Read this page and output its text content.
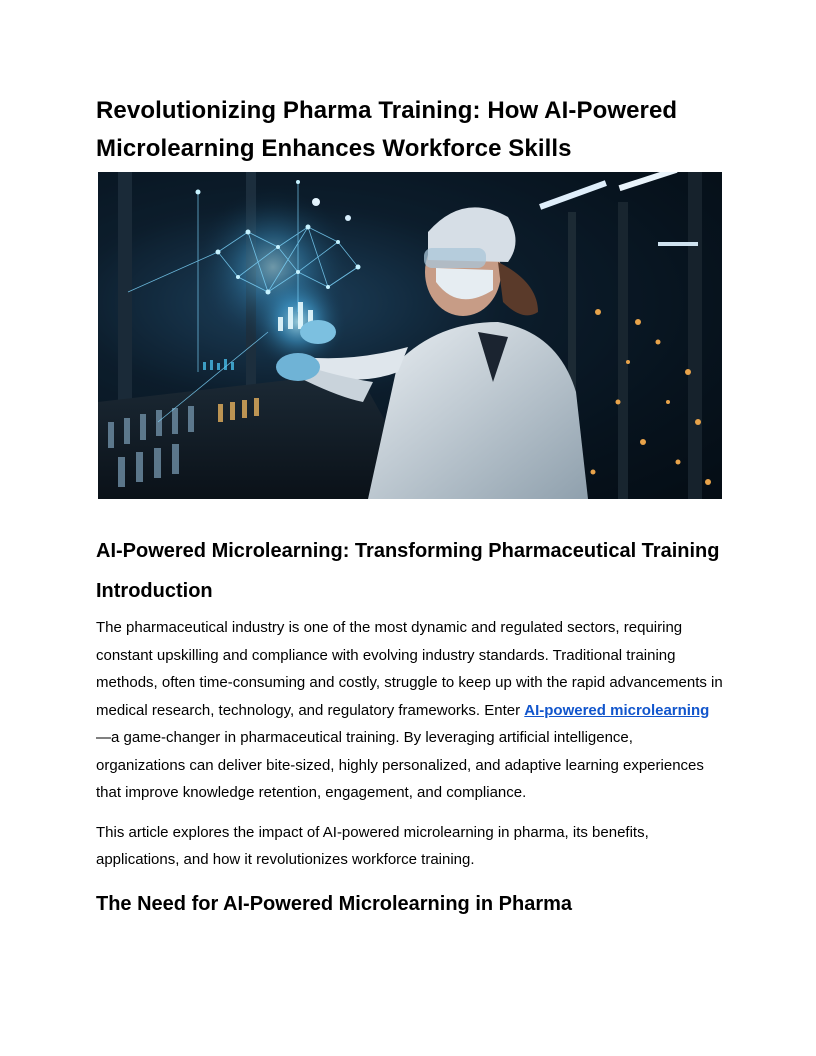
Revolutionizing Pharma Training: How AI-Powered Microlearning Enhances Workforce Skills
AI-Powered Microlearning: Transforming Pharmaceutical Training
Introduction

The pharmaceutical industry is one of the most dynamic and regulated sectors, requiring constant upskilling and compliance with evolving industry standards. Traditional training methods, often time-consuming and costly, struggle to keep up with the rapid advancements in medical research, technology, and regulatory frameworks. Enter AI-powered microlearning—a game-changer in pharmaceutical training. By leveraging artificial intelligence, organizations can deliver bite-sized, highly personalized, and adaptive learning experiences that improve knowledge retention, engagement, and compliance.

This article explores the impact of AI-powered microlearning in pharma, its benefits, applications, and how it revolutionizes workforce training.

The Need for AI-Powered Microlearning in Pharma
